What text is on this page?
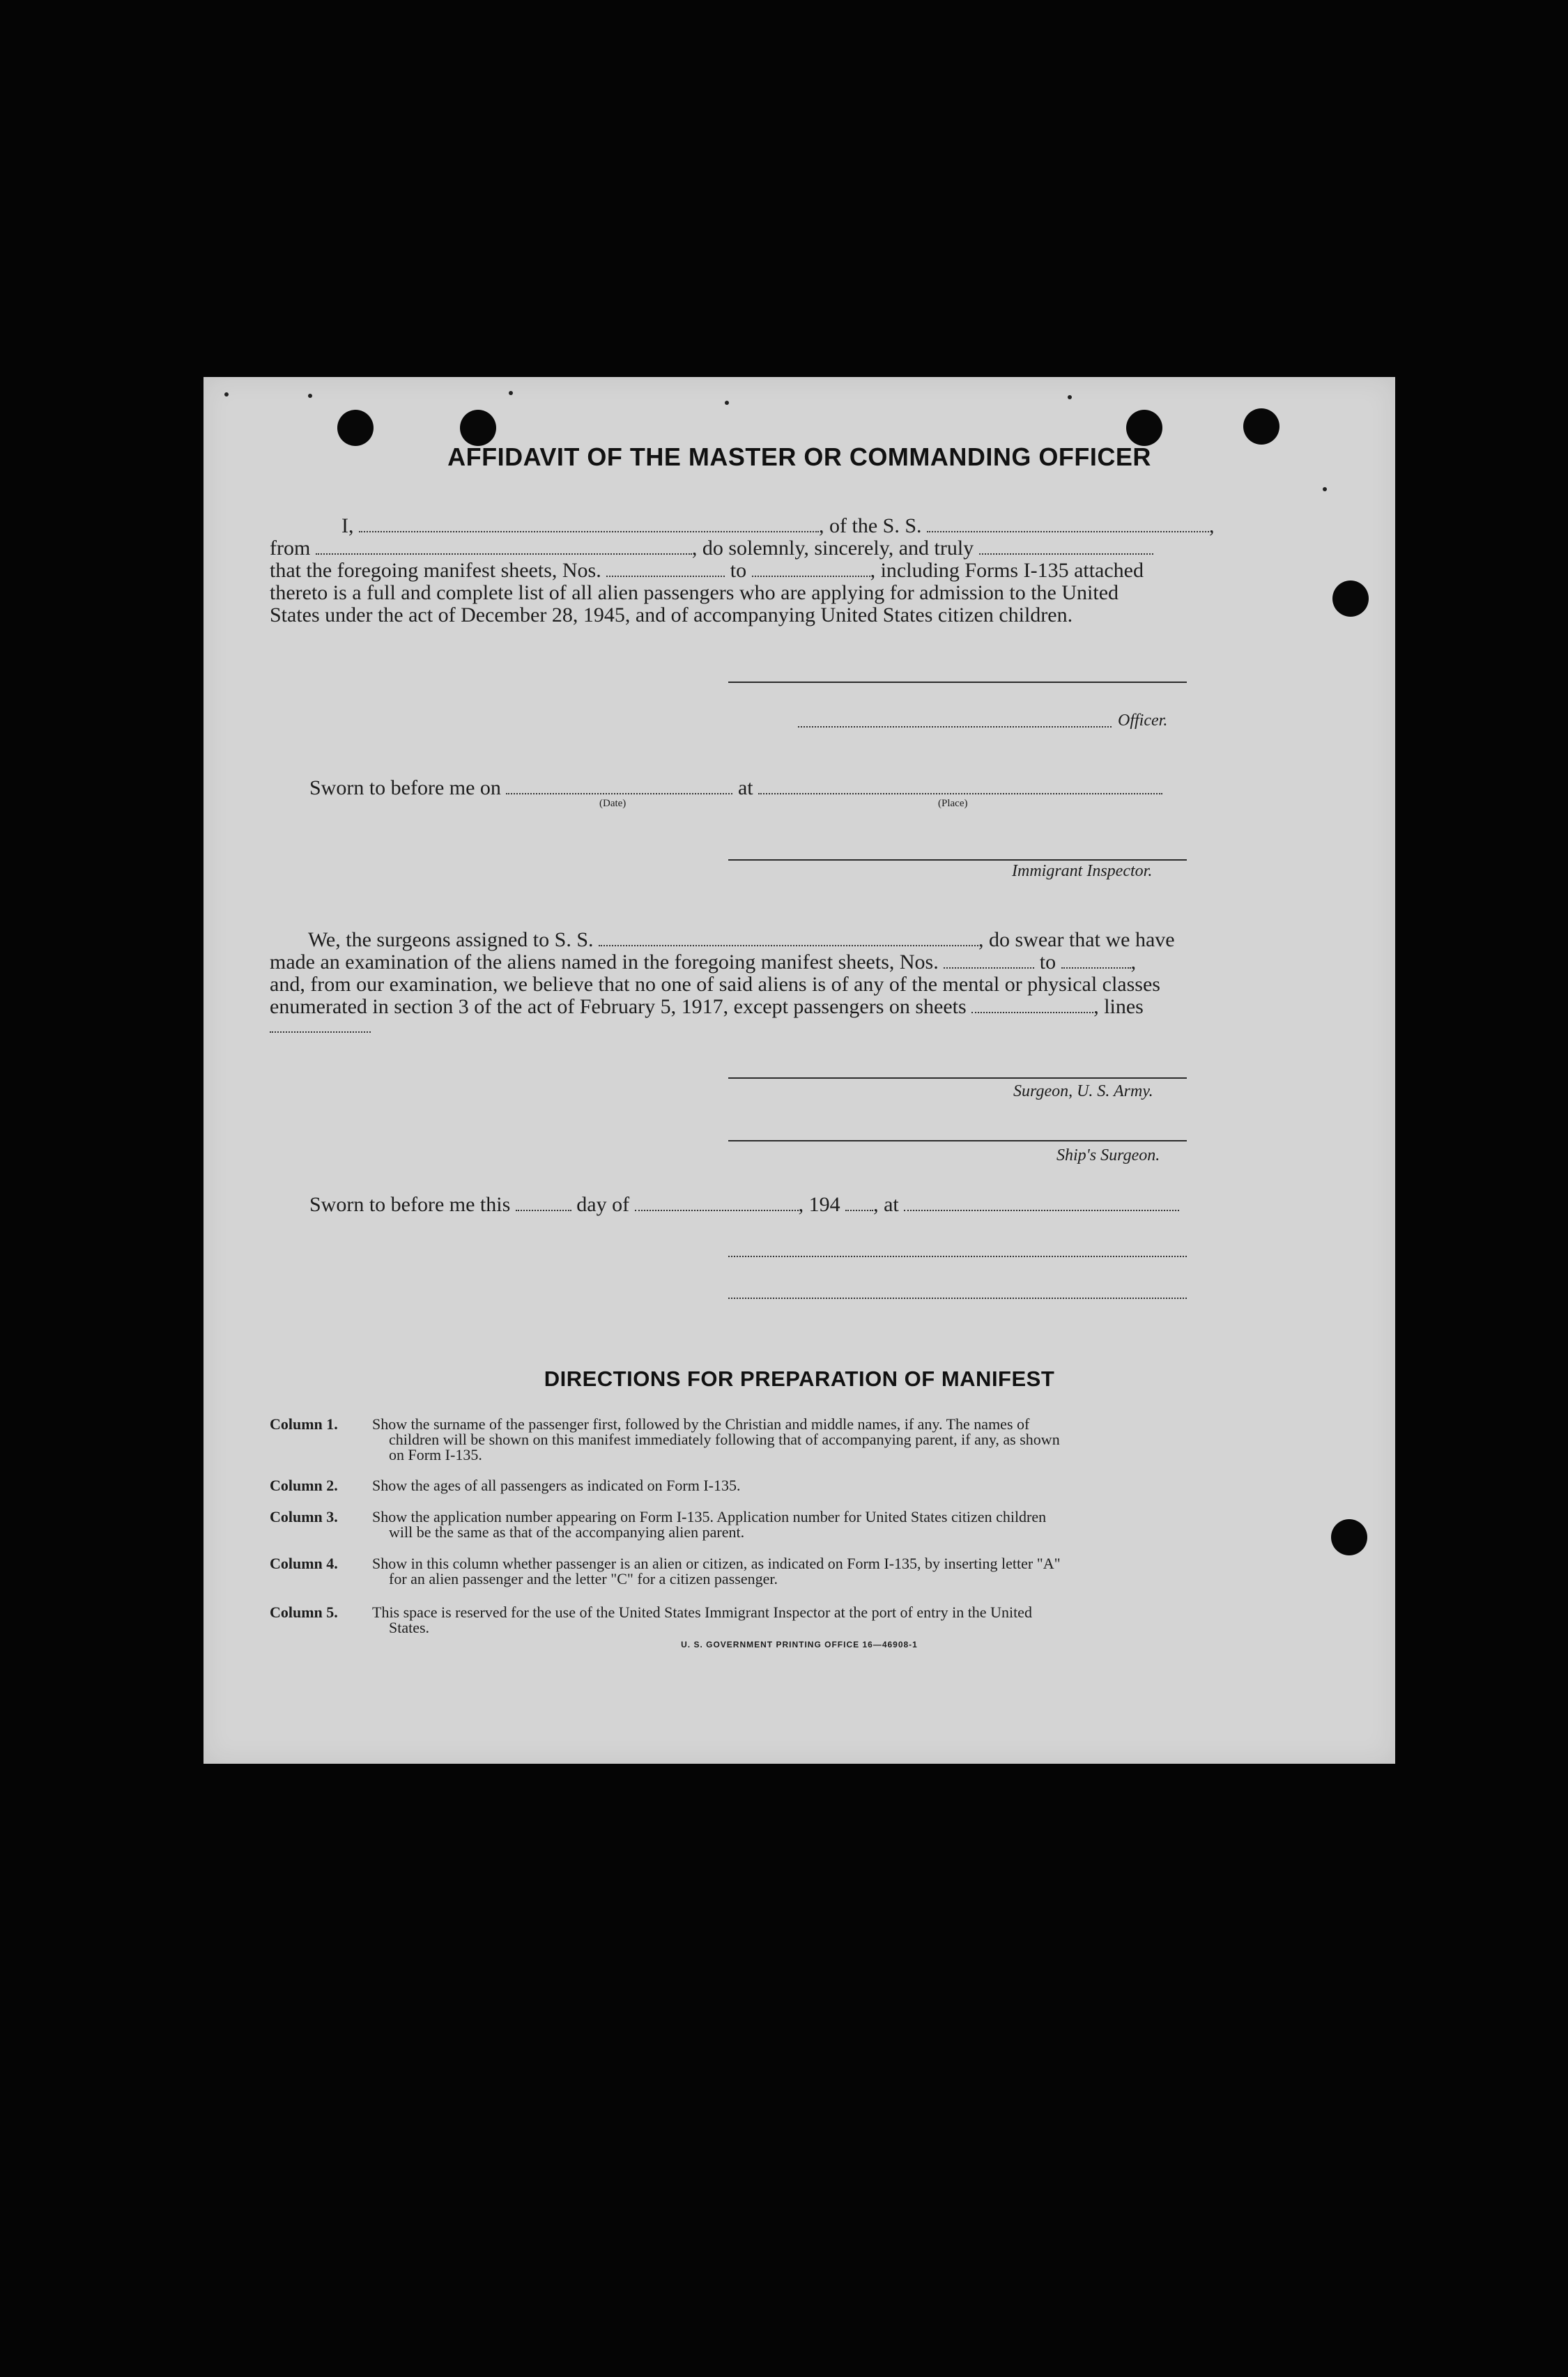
AFFIDAVIT OF THE MASTER OR COMMANDING OFFICER
I,	, of the S. S.	,
from	, do solemnly, sincerely, and truly
that the foregoing manifest sheets, Nos.	to	, including Forms I-135 attached
thereto is a full and complete list of all alien passengers who are applying for admission to the United
States under the act of December 28, 1945, and of accompanying United States citizen children.
Officer.
Sworn to before me on	at
(Date)	(Place)
Immigrant Inspector.
We, the surgeons assigned to S. S.	, do swear that we have
made an examination of the aliens named in the foregoing manifest sheets, Nos.	to	,
and, from our examination, we believe that no one of said aliens is of any of the mental or physical classes
enumerated in section 3 of the act of February 5, 1917, except passengers on sheets	, lines
Surgeon, U. S. Army.
Ship's Surgeon.
Sworn to before me this	day of	, 194 , at
DIRECTIONS FOR PREPARATION OF MANIFEST
Column 1. Show the surname of the passenger first, followed by the Christian and middle names, if any. The names of
children will be shown on this manifest immediately following that of accompanying parent, if any, as shown
on Form I-135.
Column 2. Show the ages of all passengers as indicated on Form I-135.
Column 3. Show the application number appearing on Form I-135. Application number for United States citizen children
will be the same as that of the accompanying alien parent.
Column 4. Show in this column whether passenger is an alien or citizen, as indicated on Form I-135, by inserting letter "A"
for an alien passenger and the letter "C" for a citizen passenger.
Column 5. This space is reserved for the use of the United States Immigrant Inspector at the port of entry in the United
States.
U. S. GOVERNMENT PRINTING OFFICE 16—46908-1
